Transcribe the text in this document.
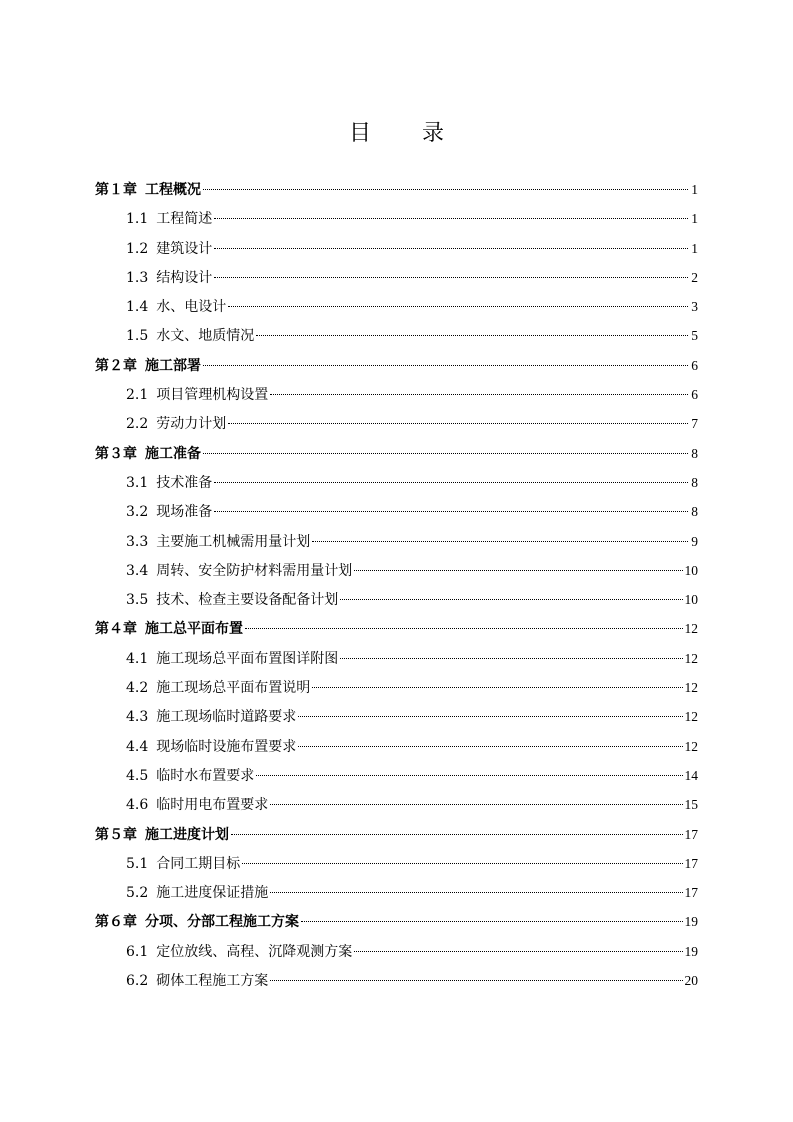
目 录
第１章 工程概况	1
1.1 工程简述	1
1.2 建筑设计	1
1.3 结构设计	2
1.4 水、电设计	3
1.5 水文、地质情况	5
第２章 施工部署	6
2.1 项目管理机构设置	6
2.2 劳动力计划	7
第３章 施工准备	8
3.1 技术准备	8
3.2 现场准备	8
3.3 主要施工机械需用量计划	9
3.4 周转、安全防护材料需用量计划	10
3.5 技术、检查主要设备配备计划	10
第４章 施工总平面布置	12
4.1 施工现场总平面布置图详附图	12
4.2 施工现场总平面布置说明	12
4.3 施工现场临时道路要求	12
4.4 现场临时设施布置要求	12
4.5 临时水布置要求	14
4.6 临时用电布置要求	15
第５章 施工进度计划	17
5.1 合同工期目标	17
5.2 施工进度保证措施	17
第６章 分项、分部工程施工方案	19
6.1 定位放线、高程、沉降观测方案	19
6.2 砌体工程施工方案	20
